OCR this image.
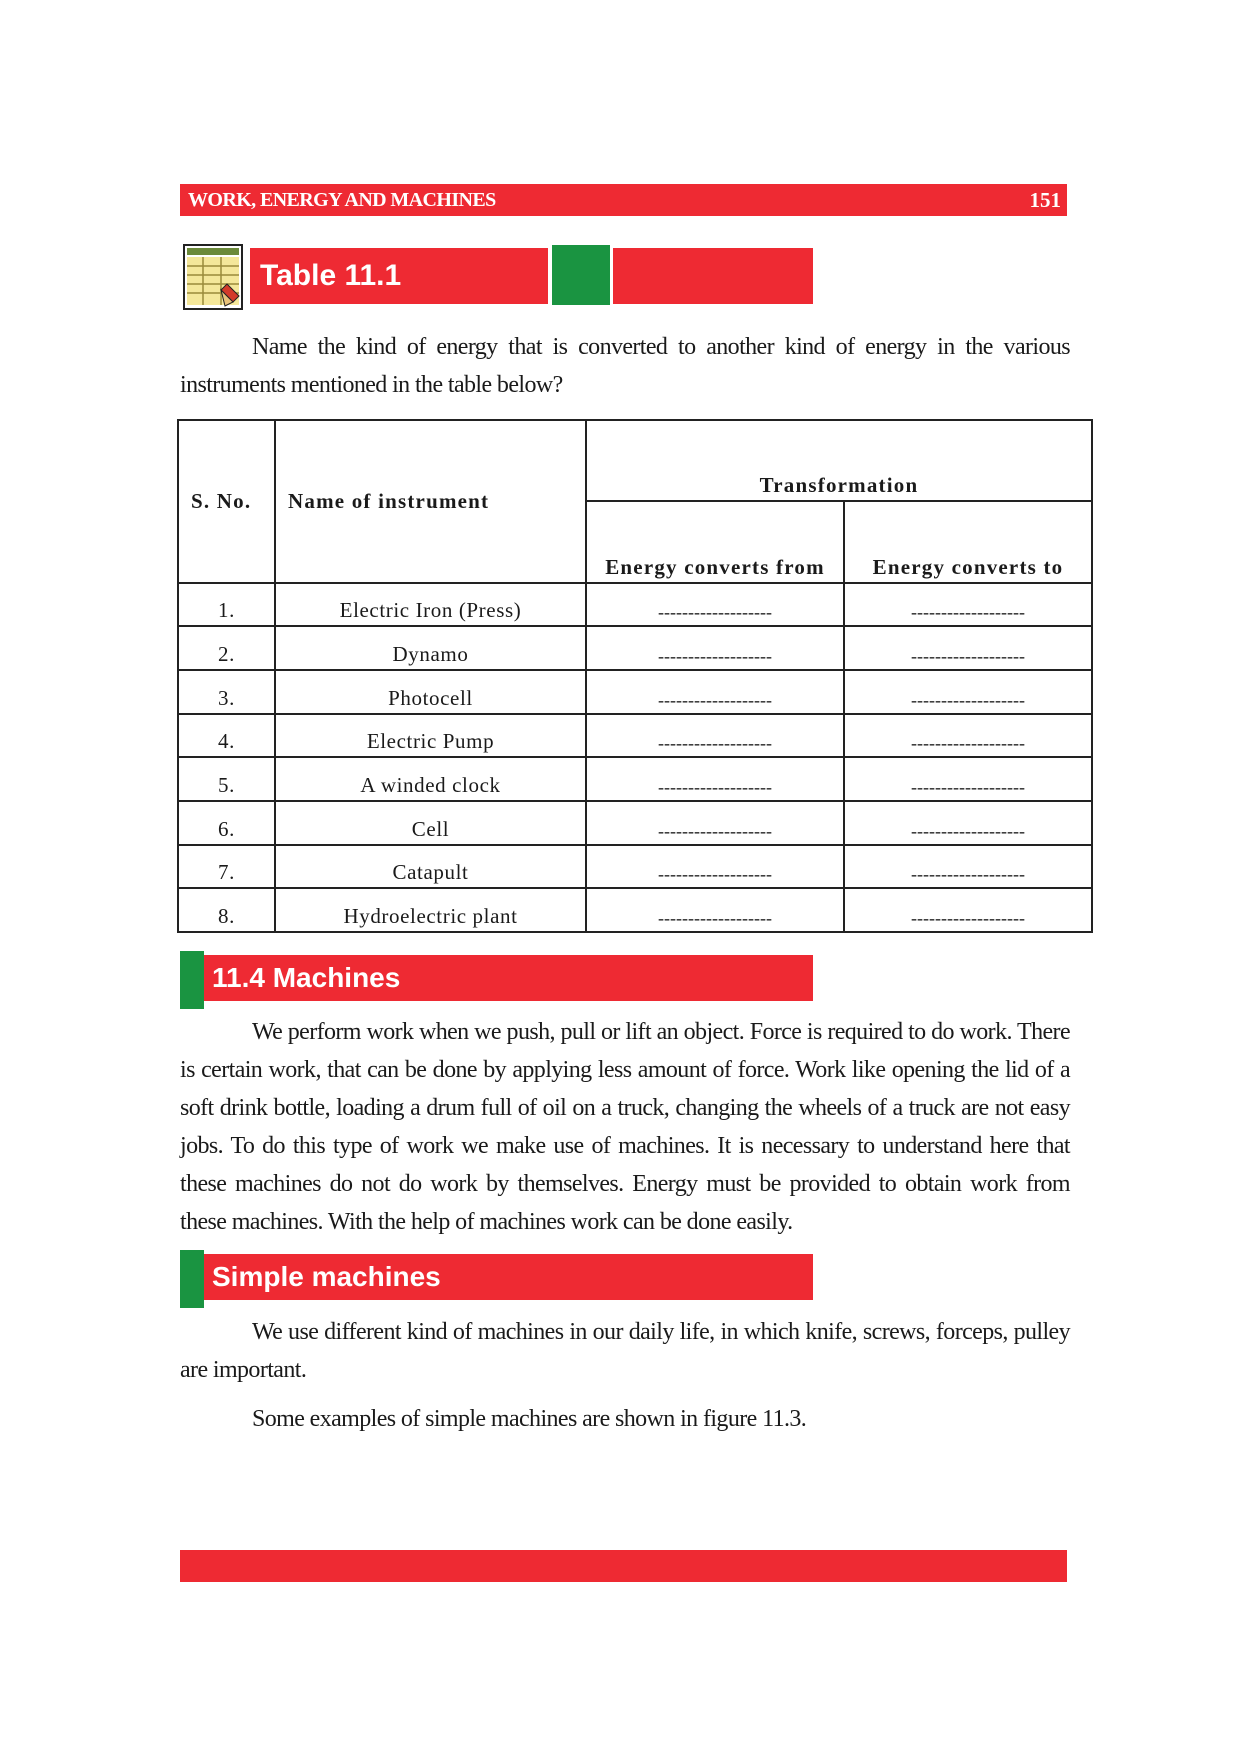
WORK, ENERGY AND MACHINES	151
Table 11.1

Name the kind of energy that is converted to another kind of energy in the various instruments mentioned in the table below?

S. No.	Name of instrument	Transformation	
		Energy converts from	Energy converts to
1.	Electric Iron (Press)	-------------------	-------------------
2.	Dynamo	-------------------	-------------------
3.	Photocell	-------------------	-------------------
4.	Electric Pump	-------------------	-------------------
5.	A winded clock	-------------------	-------------------
6.	Cell	-------------------	-------------------
7.	Catapult	-------------------	-------------------
8.	Hydroelectric plant	-------------------	-------------------
11.4 Machines

We perform work when we push, pull or lift an object. Force is required to do work. There is certain work, that can be done by applying less amount of force. Work like opening the lid of a soft drink bottle, loading a drum full of oil on a truck, changing the wheels of a truck are not easy jobs. To do this type of work we make use of machines. It is necessary to understand here that these machines do not do work by themselves. Energy must be provided to obtain work from these machines. With the help of machines work can be done easily.

Simple machines

We use different kind of machines in our daily life, in which knife, screws, forceps, pulley are important.

Some examples of simple machines are shown in figure 11.3.
